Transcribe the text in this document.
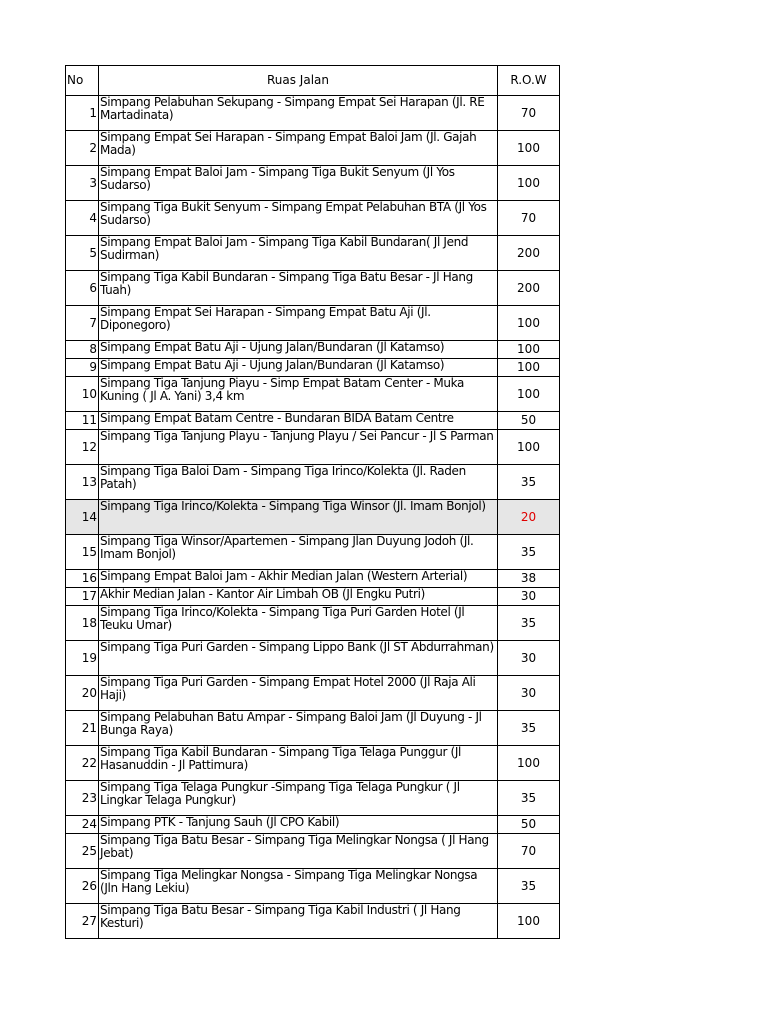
No	Ruas Jalan	R.O.W
1	Simpang Pelabuhan Sekupang - Simpang Empat Sei Harapan (Jl. RE Martadinata)	70
2	Simpang Empat Sei Harapan - Simpang Empat Baloi Jam (Jl. Gajah Mada)	100
3	Simpang Empat Baloi Jam - Simpang Tiga Bukit Senyum (Jl Yos Sudarso)	100
4	Simpang Tiga Bukit Senyum - Simpang Empat Pelabuhan BTA (Jl Yos Sudarso)	70
5	Simpang Empat Baloi Jam - Simpang Tiga Kabil Bundaran( Jl Jend Sudirman)	200
6	Simpang Tiga Kabil Bundaran - Simpang Tiga Batu Besar - Jl Hang Tuah)	200
7	Simpang Empat Sei Harapan - Simpang Empat Batu Aji (Jl. Diponegoro)	100
8	Simpang Empat Batu Aji - Ujung Jalan/Bundaran (Jl Katamso)	100
9	Simpang Empat Batu Aji - Ujung Jalan/Bundaran (Jl Katamso)	100
10	Simpang Tiga Tanjung Piayu - Simp Empat Batam Center - Muka Kuning ( Jl A. Yani) 3,4 km	100
11	Simpang Empat Batam Centre - Bundaran BIDA Batam Centre	50
12	Simpang Tiga Tanjung Playu - Tanjung Playu / Sei Pancur - Jl S Parman	100
13	Simpang Tiga Baloi Dam - Simpang Tiga Irinco/Kolekta (Jl. Raden Patah)	35
14	Simpang Tiga Irinco/Kolekta - Simpang Tiga Winsor (Jl. Imam Bonjol)	20
15	Simpang Tiga Winsor/Apartemen - Simpang Jlan Duyung Jodoh (Jl. Imam Bonjol)	35
16	Simpang Empat Baloi Jam - Akhir Median Jalan (Western Arterial)	38
17	Akhir Median Jalan - Kantor Air Limbah OB (Jl Engku Putri)	30
18	Simpang Tiga Irinco/Kolekta - Simpang Tiga Puri Garden Hotel (Jl Teuku Umar)	35
19	Simpang Tiga Puri Garden - Simpang Lippo Bank (Jl ST Abdurrahman)	30
20	Simpang Tiga Puri Garden - Simpang Empat Hotel 2000 (Jl Raja Ali Haji)	30
21	Simpang Pelabuhan Batu Ampar - Simpang Baloi Jam (Jl Duyung - Jl Bunga Raya)	35
22	Simpang Tiga Kabil Bundaran - Simpang Tiga Telaga Punggur (Jl Hasanuddin - Jl Pattimura)	100
23	Simpang Tiga Telaga Pungkur -Simpang Tiga Telaga Pungkur ( Jl Lingkar Telaga Pungkur)	35
24	Simpang PTK - Tanjung Sauh (Jl CPO Kabil)	50
25	Simpang Tiga Batu Besar - Simpang Tiga Melingkar Nongsa ( Jl Hang Jebat)	70
26	Simpang Tiga Melingkar Nongsa - Simpang Tiga Melingkar Nongsa (Jln Hang Lekiu)	35
27	Simpang Tiga Batu Besar - Simpang Tiga Kabil Industri ( Jl Hang Kesturi)	100
